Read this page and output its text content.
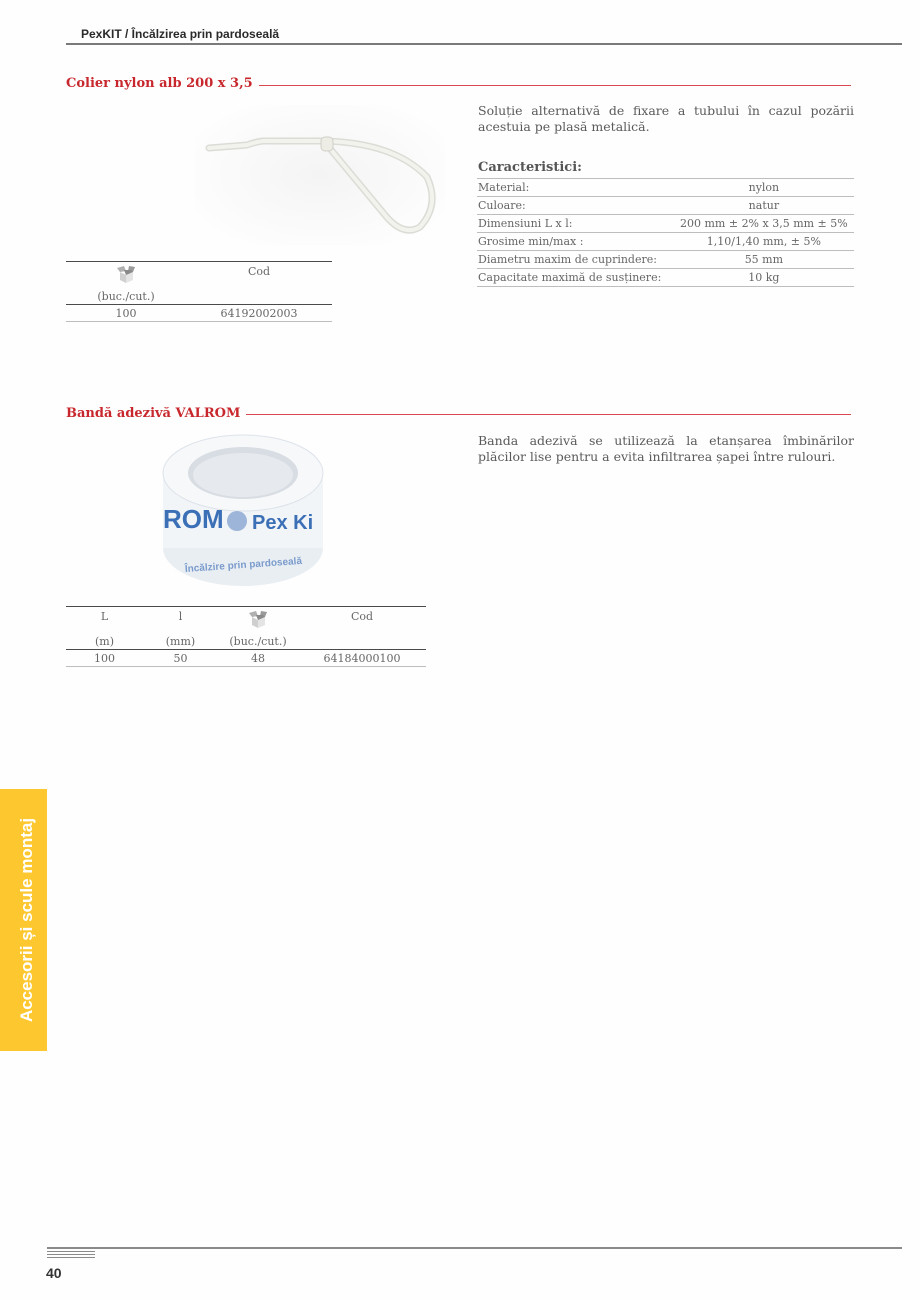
PexKIT / Încălzirea prin pardoseală
Colier nylon alb 200 x 3,5
Soluție alternativă de fixare a tubului în cazul pozării acestuia pe plasă metalică.
Caracteristici:
Material:	nylon
Culoare:	natur
Dimensiuni L x l:	200 mm ± 2% x 3,5 mm ± 5%
Grosime min/max :	1,10/1,40 mm, ± 5%
Diametru maxim de cuprindere:	55 mm
Capacitate maximă de susținere:	10 kg
	Cod
(buc./cut.)	
100	64192002003
Bandă adezivă VALROM
ROM Pex Ki
Încălzire prin pardoseală
Banda adezivă se utilizează la etanșarea îmbinărilor plăcilor lise pentru a evita infiltrarea șapei între rulouri.
L	l		Cod
(m)	(mm)	(buc./cut.)	
100	50	48	64184000100
Accesorii și scule montaj
40
